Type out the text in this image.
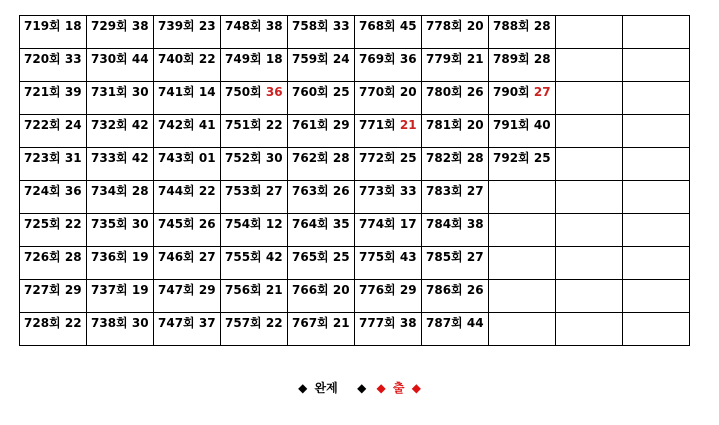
719회 18	729회 38	739회 23	748회 38	758회 33	768회 45	778회 20	788회 28		
720회 33	730회 44	740회 22	749회 18	759회 24	769회 36	779회 21	789회 28		
721회 39	731회 30	741회 14	750회 36	760회 25	770회 20	780회 26	790회 27		
722회 24	732회 42	742회 41	751회 22	761회 29	771회 21	781회 20	791회 40		
723회 31	733회 42	743회 01	752회 30	762회 28	772회 25	782회 28	792회 25		
724회 36	734회 28	744회 22	753회 27	763회 26	773회 33	783회 27			
725회 22	735회 30	745회 26	754회 12	764회 35	774회 17	784회 38			
726회 28	736회 19	746회 27	755회 42	765회 25	775회 43	785회 27			
727회 29	737회 19	747회 29	756회 21	766회 20	776회 29	786회 26			
728회 22	738회 30	747회 37	757회 22	767회 21	777회 38	787회 44			
◆ 완제 ◆ ◆ 출 ◆
